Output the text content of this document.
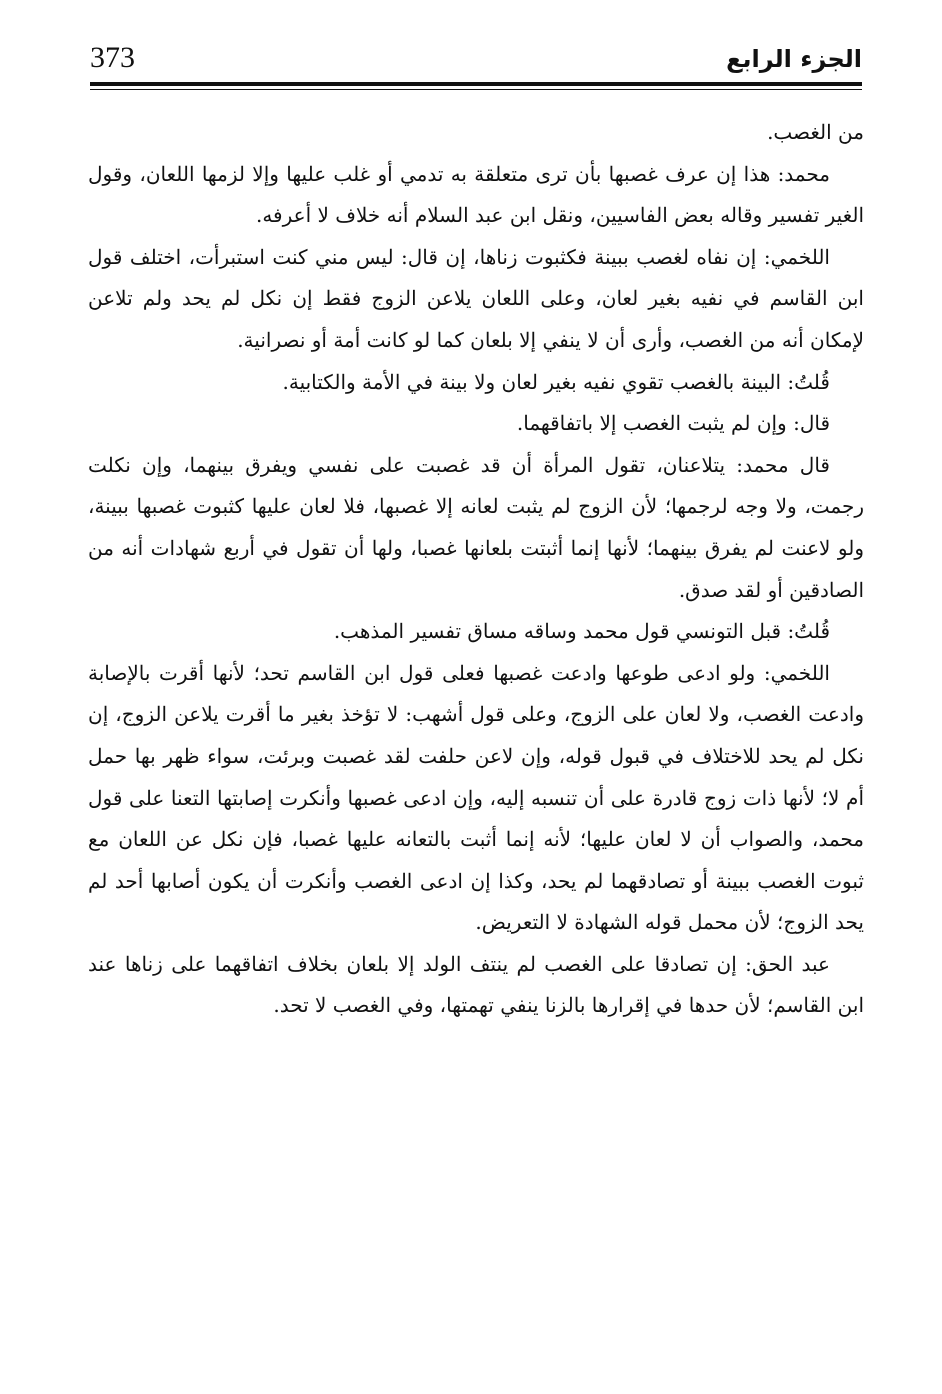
373	الجزء الرابع

من الغصب.

محمد: هذا إن عرف غصبها بأن ترى متعلقة به تدمي أو غلب عليها وإلا لزمها اللعان، وقول الغير تفسير وقاله بعض الفاسيين، ونقل ابن عبد السلام أنه خلاف لا أعرفه.

اللخمي: إن نفاه لغصب ببينة فكثبوت زناها، إن قال: ليس مني كنت استبرأت، اختلف قول ابن القاسم في نفيه بغير لعان، وعلى اللعان يلاعن الزوج فقط إن نكل لم يحد ولم تلاعن لإمكان أنه من الغصب، وأرى أن لا ينفي إلا بلعان كما لو كانت أمة أو نصرانية.

قُلتُ: البينة بالغصب تقوي نفيه بغير لعان ولا بينة في الأمة والكتابية.

قال: وإن لم يثبت الغصب إلا باتفاقهما.

قال محمد: يتلاعنان، تقول المرأة أن قد غصبت على نفسي ويفرق بينهما، وإن نكلت رجمت، ولا وجه لرجمها؛ لأن الزوج لم يثبت لعانه إلا غصبها، فلا لعان عليها كثبوت غصبها ببينة، ولو لاعنت لم يفرق بينهما؛ لأنها إنما أثبتت بلعانها غصبا، ولها أن تقول في أربع شهادات أنه من الصادقين أو لقد صدق.

قُلتُ: قبل التونسي قول محمد وساقه مساق تفسير المذهب.

اللخمي: ولو ادعى طوعها وادعت غصبها فعلى قول ابن القاسم تحد؛ لأنها أقرت بالإصابة وادعت الغصب، ولا لعان على الزوج، وعلى قول أشهب: لا تؤخذ بغير ما أقرت يلاعن الزوج، إن نكل لم يحد للاختلاف في قبول قوله، وإن لاعن حلفت لقد غصبت وبرئت، سواء ظهر بها حمل أم لا؛ لأنها ذات زوج قادرة على أن تنسبه إليه، وإن ادعى غصبها وأنكرت إصابتها التعنا على قول محمد، والصواب أن لا لعان عليها؛ لأنه إنما أثبت بالتعانه عليها غصبا، فإن نكل عن اللعان مع ثبوت الغصب ببينة أو تصادقهما لم يحد، وكذا إن ادعى الغصب وأنكرت أن يكون أصابها أحد لم يحد الزوج؛ لأن محمل قوله الشهادة لا التعريض.

عبد الحق: إن تصادقا على الغصب لم ينتف الولد إلا بلعان بخلاف اتفاقهما على زناها عند ابن القاسم؛ لأن حدها في إقرارها بالزنا ينفي تهمتها، وفي الغصب لا تحد.
